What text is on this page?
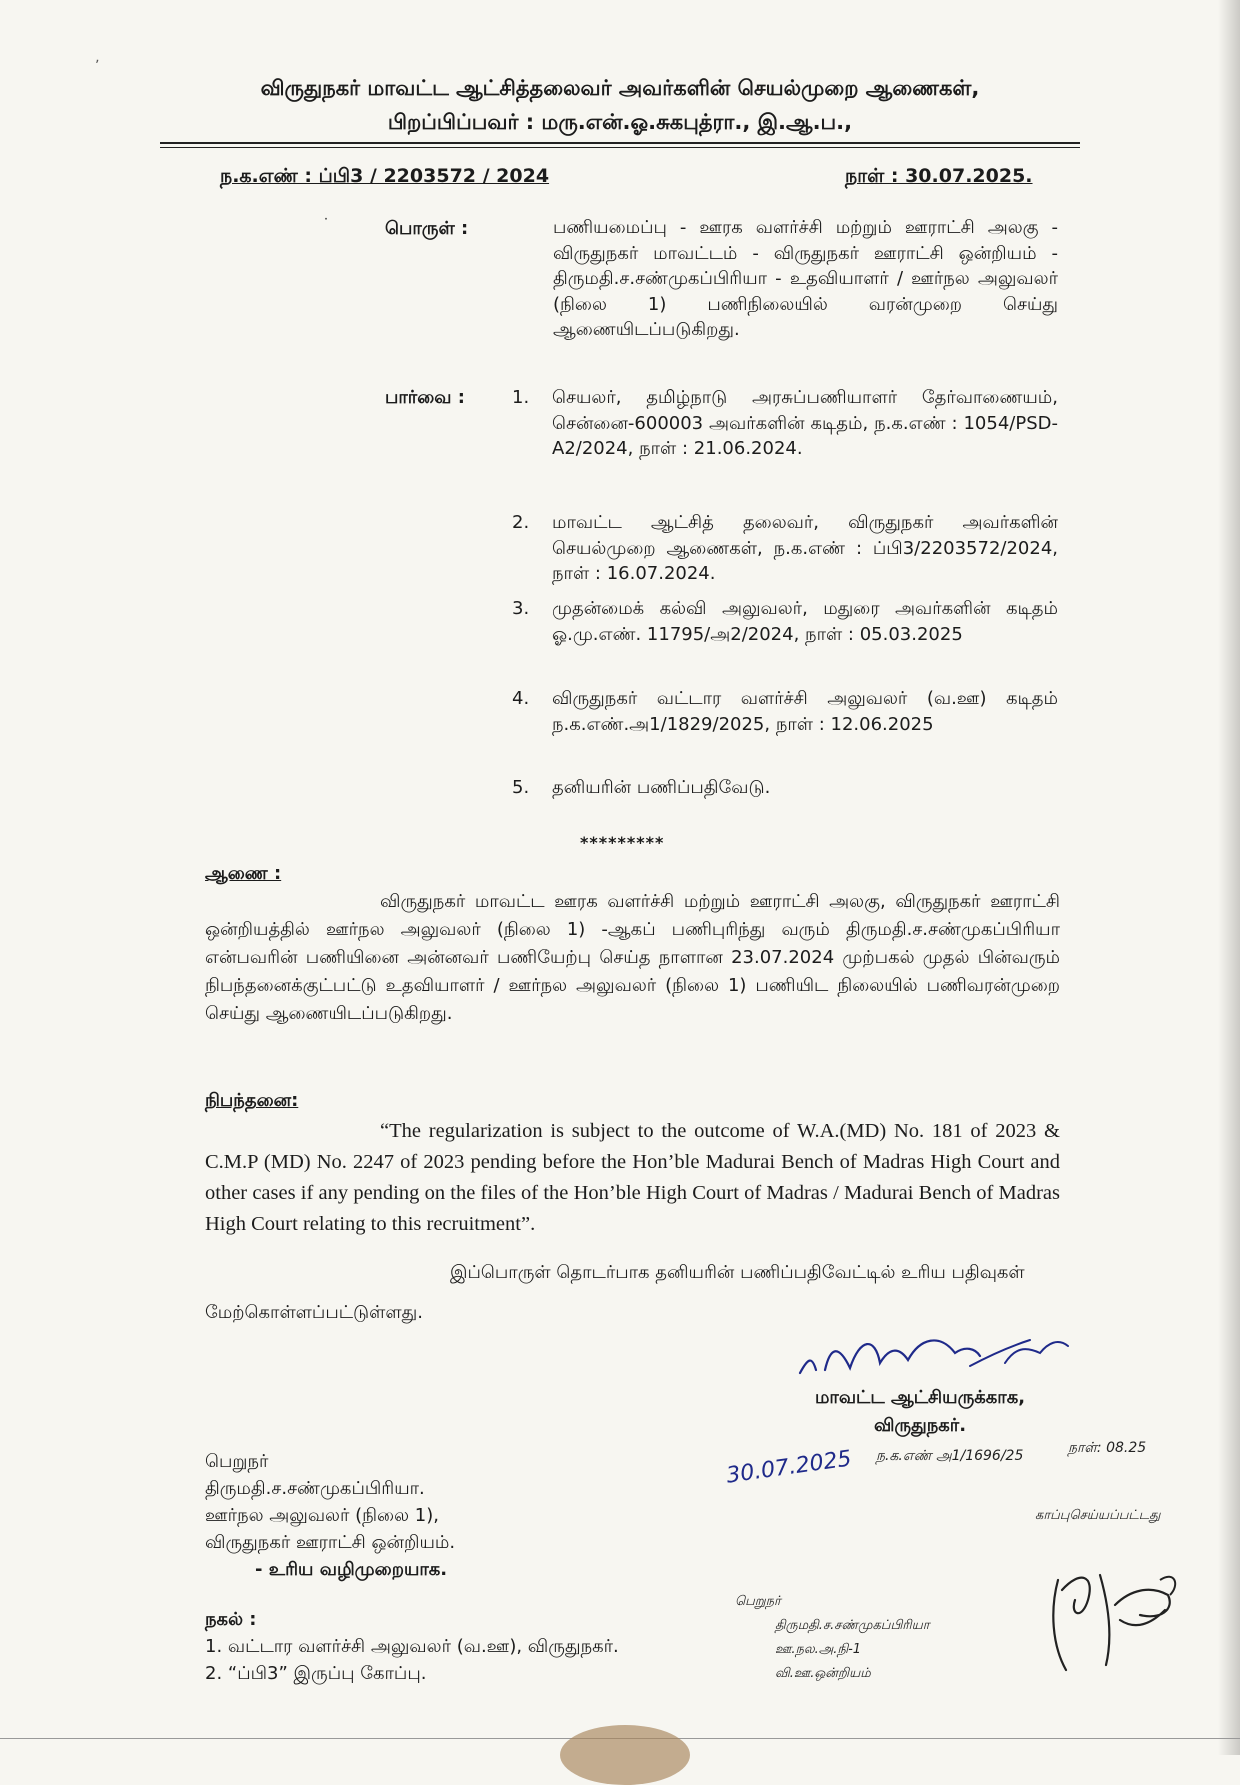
ʼ
விருதுநகர் மாவட்ட ஆட்சித்தலைவர் அவர்களின் செயல்முறை ஆணைகள்,
பிறப்பிப்பவர் : மரு.என்.ஓ.சுகபுத்ரா., இ.ஆ.ப.,
ந.க.எண் : ப்பி3 / 2203572 / 2024	நாள் : 30.07.2025.
˙	பொருள் :	பணியமைப்பு - ஊரக வளர்ச்சி மற்றும் ஊராட்சி அலகு - விருதுநகர் மாவட்டம் - விருதுநகர் ஊராட்சி ஒன்றியம் - திருமதி.ச.சண்முகப்பிரியா - உதவியாளர் / ஊர்நல அலுவலர் (நிலை 1) பணிநிலையில் வரன்முறை செய்து ஆணையிடப்படுகிறது.
பார்வை :	1.	செயலர், தமிழ்நாடு அரசுப்பணியாளர் தேர்வாணையம், சென்னை-600003 அவர்களின் கடிதம், ந.க.எண் : 1054/PSD-A2/2024, நாள் : 21.06.2024.
2.	மாவட்ட ஆட்சித் தலைவர், விருதுநகர் அவர்களின் செயல்முறை ஆணைகள், ந.க.எண் : ப்பி3/2203572/2024, நாள் : 16.07.2024.
3.	முதன்மைக் கல்வி அலுவலர், மதுரை அவர்களின் கடிதம் ஓ.மு.எண். 11795/அ2/2024, நாள் : 05.03.2025
4.	விருதுநகர் வட்டார வளர்ச்சி அலுவலர் (வ.ஊ) கடிதம் ந.க.எண்.அ1/1829/2025, நாள் : 12.06.2025
5.	தனியரின் பணிப்பதிவேடு.
*********
ஆணை :
விருதுநகர் மாவட்ட ஊரக வளர்ச்சி மற்றும் ஊராட்சி அலகு, விருதுநகர் ஊராட்சி ஒன்றியத்தில் ஊர்நல அலுவலர் (நிலை 1) -ஆகப் பணிபுரிந்து வரும் திருமதி.ச.சண்முகப்பிரியா என்பவரின் பணியினை அன்னவர் பணியேற்பு செய்த நாளான 23.07.2024 முற்பகல் முதல் பின்வரும் நிபந்தனைக்குட்பட்டு உதவியாளர் / ஊர்நல அலுவலர் (நிலை 1) பணியிட நிலையில் பணிவரன்முறை செய்து ஆணையிடப்படுகிறது.
நிபந்தனை:
“The regularization is subject to the outcome of W.A.(MD) No. 181 of 2023 & C.M.P (MD) No. 2247 of 2023 pending before the Hon’ble Madurai Bench of Madras High Court and other cases if any pending on the files of the Hon’ble High Court of Madras / Madurai Bench of Madras High Court relating to this recruitment”.
இப்பொருள் தொடர்பாக தனியரின் பணிப்பதிவேட்டில் உரிய பதிவுகள்
மேற்கொள்ளப்பட்டுள்ளது.
மாவட்ட ஆட்சியருக்காக,
விருதுநகர்.
பெறுநர்
திருமதி.ச.சண்முகப்பிரியா.
ஊர்நல அலுவலர் (நிலை 1),
விருதுநகர் ஊராட்சி ஒன்றியம்.
- உரிய வழிமுறையாக.
நகல் :
1. வட்டார வளர்ச்சி அலுவலர் (வ.ஊ), விருதுநகர்.
2. “ப்பி3” இருப்பு கோப்பு.
30.07.2025 ந.க.எண் அ1/1696/25	நாள்: 08.25
காப்புசெய்யப்பட்டது
பெறுநர்
திருமதி.ச.சண்முகப்பிரியா
ஊ.நல.அ.நி-1
வி.ஊ.ஒன்றியம்
